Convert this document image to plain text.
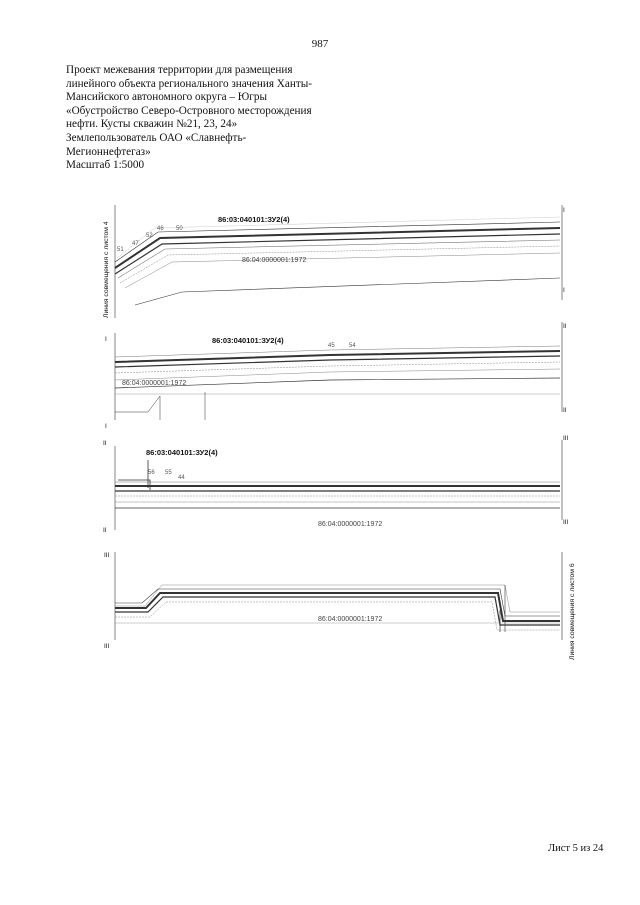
987
Проект межевания территории для размещения
линейного объекта регионального значения Ханты-
Мансийского автономного округа – Югры
«Обустройство Северо-Островного месторождения
нефти. Кусты скважин №21, 23, 24»
Землепользователь ОАО «Славнефть-
Мегионнефтегаз»
Масштаб 1:5000
86:03:040101:ЗУ2(4)
86:04:0000001:1972
51
47
52
46 50
I
I
Линия совмещения с листом 4
86:03:040101:ЗУ2(4)
86:04:0000001:1972
45 54
I
I
II
II
86:03:040101:ЗУ2(4)
86:04:0000001:1972
56 55
44
II
II
III
III
86:04:0000001:1972
III
III	Линия совмещения с листом 6
Лист 5 из 24
